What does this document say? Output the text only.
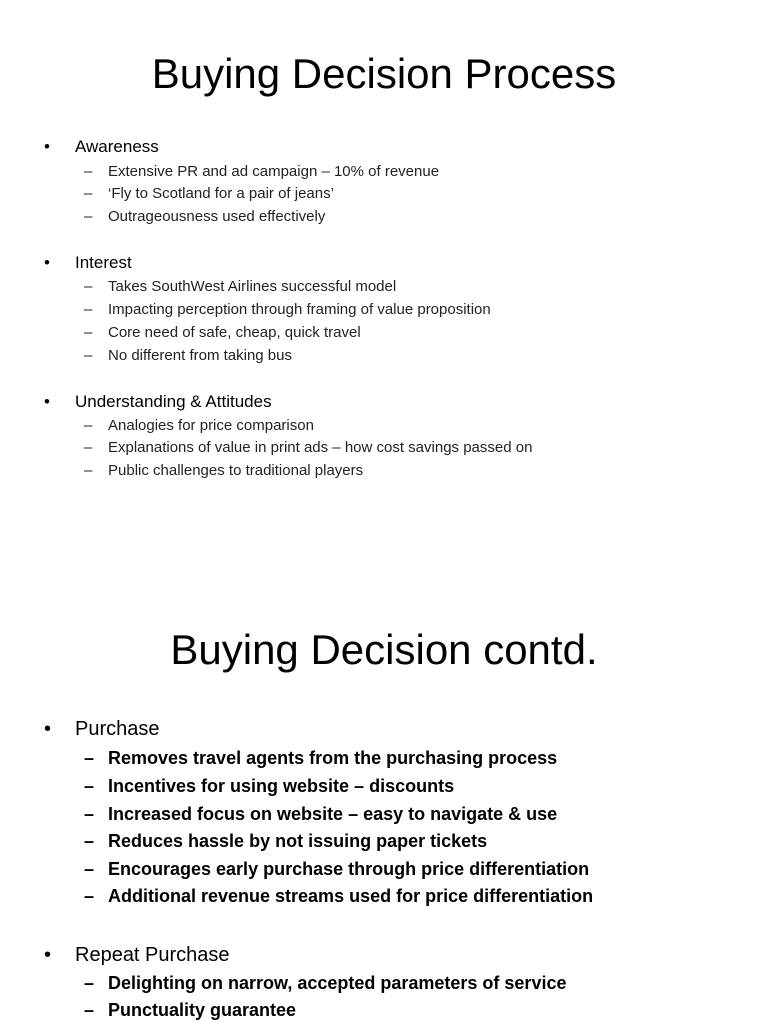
Buying Decision Process
• Awareness
– Extensive PR and ad campaign – 10% of revenue
– ‘Fly to Scotland for a pair of jeans’
– Outrageousness used effectively
• Interest
– Takes SouthWest Airlines successful model
– Impacting perception through framing of value proposition
– Core need of safe, cheap, quick travel
– No different from taking bus
• Understanding & Attitudes
– Analogies for price comparison
– Explanations of value in print ads – how cost savings passed on
– Public challenges to traditional players
Buying Decision contd.
• Purchase
– Removes travel agents from the purchasing process
– Incentives for using website – discounts
– Increased focus on website – easy to navigate & use
– Reduces hassle by not issuing paper tickets
– Encourages early purchase through price differentiation
– Additional revenue streams used for price differentiation
• Repeat Purchase
– Delighting on narrow, accepted parameters of service
– Punctuality guarantee
